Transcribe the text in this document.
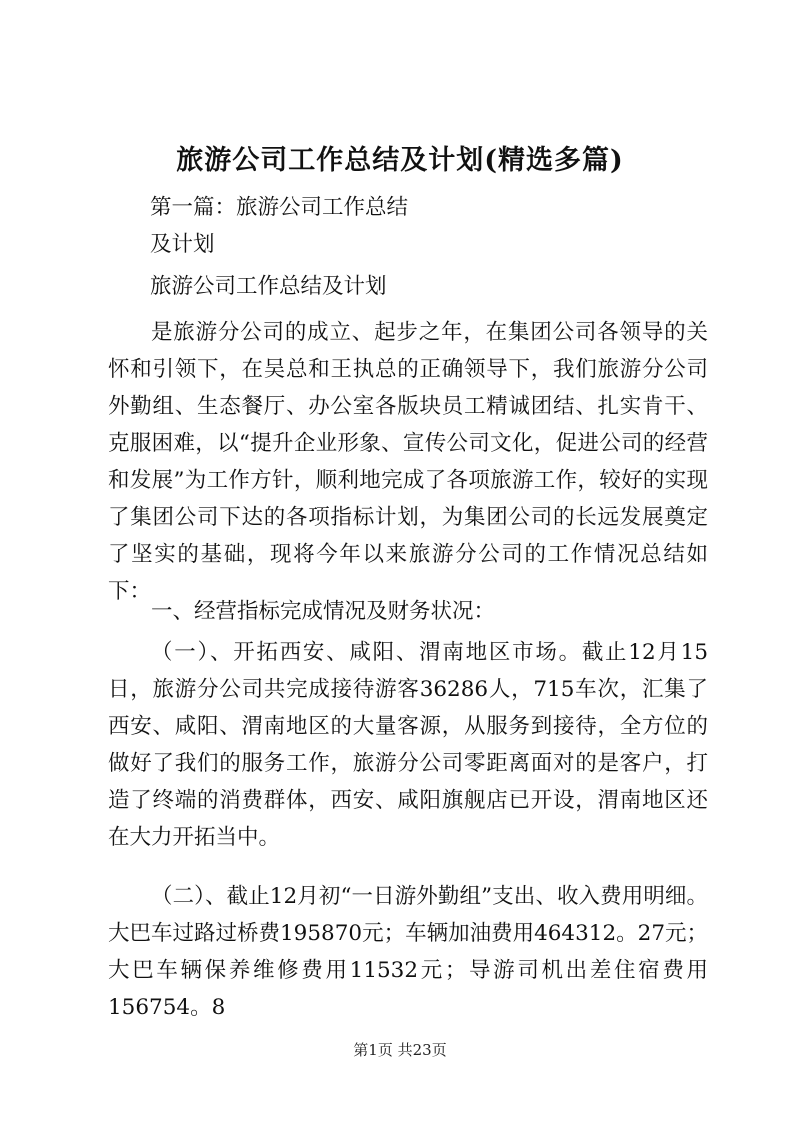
旅游公司工作总结及计划(精选多篇)

第一篇：旅游公司工作总结

及计划

旅游公司工作总结及计划

是旅游分公司的成立、起步之年，在集团公司各领导的关怀和引领下，在吴总和王执总的正确领导下，我们旅游分公司外勤组、生态餐厅、办公室各版块员工精诚团结、扎实肯干、克服困难，以“提升企业形象、宣传公司文化，促进公司的经营和发展”为工作方针，顺利地完成了各项旅游工作，较好的实现了集团公司下达的各项指标计划，为集团公司的长远发展奠定了坚实的基础，现将今年以来旅游分公司的工作情况总结如下：

一、经营指标完成情况及财务状况：

（一）、开拓西安、咸阳、渭南地区市场。截止12月15日，旅游分公司共完成接待游客36286人，715车次，汇集了西安、咸阳、渭南地区的大量客源，从服务到接待，全方位的做好了我们的服务工作，旅游分公司零距离面对的是客户，打造了终端的消费群体，西安、咸阳旗舰店已开设，渭南地区还在大力开拓当中。

（二）、截止12月初“一日游外勤组”支出、收入费用明细。大巴车过路过桥费195870元；车辆加油费用464312。27元；大巴车辆保养维修费用11532元；导游司机出差住宿费用156754。8

第1页 共23页
